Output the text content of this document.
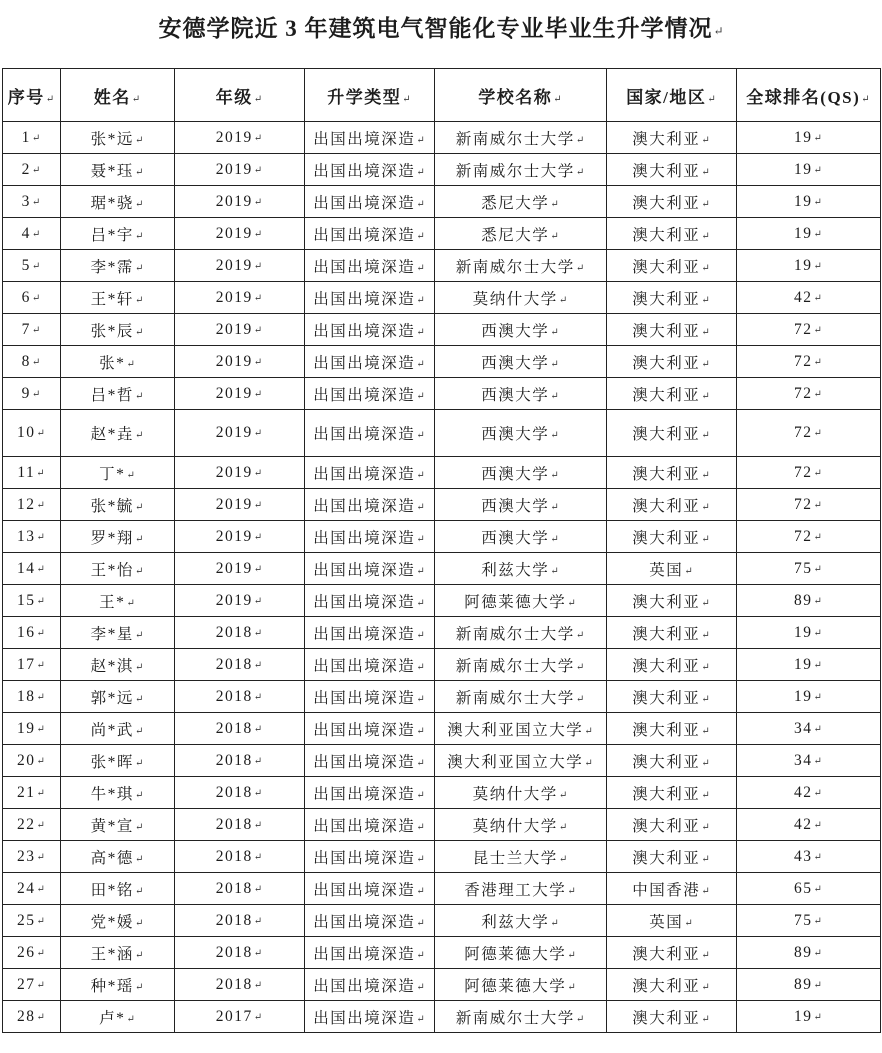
安德学院近 3 年建筑电气智能化专业毕业生升学情况↵
序号↵	姓名↵	年级↵	升学类型↵	学校名称↵	国家/地区↵	全球排名(QS)↵
1↵	张*远↵	2019↵	出国出境深造↵	新南威尔士大学↵	澳大利亚↵	19↵
2↵	聂*珏↵	2019↵	出国出境深造↵	新南威尔士大学↵	澳大利亚↵	19↵
3↵	琚*骁↵	2019↵	出国出境深造↵	悉尼大学↵	澳大利亚↵	19↵
4↵	吕*宇↵	2019↵	出国出境深造↵	悉尼大学↵	澳大利亚↵	19↵
5↵	李*霈↵	2019↵	出国出境深造↵	新南威尔士大学↵	澳大利亚↵	19↵
6↵	王*轩↵	2019↵	出国出境深造↵	莫纳什大学↵	澳大利亚↵	42↵
7↵	张*辰↵	2019↵	出国出境深造↵	西澳大学↵	澳大利亚↵	72↵
8↵	张*↵	2019↵	出国出境深造↵	西澳大学↵	澳大利亚↵	72↵
9↵	吕*哲↵	2019↵	出国出境深造↵	西澳大学↵	澳大利亚↵	72↵
10↵	赵*垚↵	2019↵	出国出境深造↵	西澳大学↵	澳大利亚↵	72↵
11↵	丁*↵	2019↵	出国出境深造↵	西澳大学↵	澳大利亚↵	72↵
12↵	张*毓↵	2019↵	出国出境深造↵	西澳大学↵	澳大利亚↵	72↵
13↵	罗*翔↵	2019↵	出国出境深造↵	西澳大学↵	澳大利亚↵	72↵
14↵	王*怡↵	2019↵	出国出境深造↵	利兹大学↵	英国↵	75↵
15↵	王*↵	2019↵	出国出境深造↵	阿德莱德大学↵	澳大利亚↵	89↵
16↵	李*星↵	2018↵	出国出境深造↵	新南威尔士大学↵	澳大利亚↵	19↵
17↵	赵*淇↵	2018↵	出国出境深造↵	新南威尔士大学↵	澳大利亚↵	19↵
18↵	郭*远↵	2018↵	出国出境深造↵	新南威尔士大学↵	澳大利亚↵	19↵
19↵	尚*武↵	2018↵	出国出境深造↵	澳大利亚国立大学↵	澳大利亚↵	34↵
20↵	张*晖↵	2018↵	出国出境深造↵	澳大利亚国立大学↵	澳大利亚↵	34↵
21↵	牛*琪↵	2018↵	出国出境深造↵	莫纳什大学↵	澳大利亚↵	42↵
22↵	黄*宣↵	2018↵	出国出境深造↵	莫纳什大学↵	澳大利亚↵	42↵
23↵	高*德↵	2018↵	出国出境深造↵	昆士兰大学↵	澳大利亚↵	43↵
24↵	田*铭↵	2018↵	出国出境深造↵	香港理工大学↵	中国香港↵	65↵
25↵	党*媛↵	2018↵	出国出境深造↵	利兹大学↵	英国↵	75↵
26↵	王*涵↵	2018↵	出国出境深造↵	阿德莱德大学↵	澳大利亚↵	89↵
27↵	种*瑶↵	2018↵	出国出境深造↵	阿德莱德大学↵	澳大利亚↵	89↵
28↵	卢*↵	2017↵	出国出境深造↵	新南威尔士大学↵	澳大利亚↵	19↵
